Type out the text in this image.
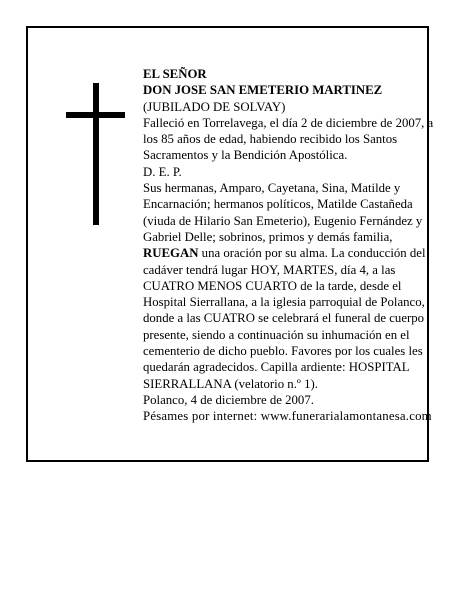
EL SEÑOR

DON JOSE SAN EMETERIO MARTINEZ

(JUBILADO DE SOLVAY)

Falleció en Torrelavega, el día 2 de diciembre de 2007, a los 85 años de edad, habiendo recibido los Santos Sacramentos y la Bendición Apostólica.

D. E. P.

Sus hermanas, Amparo, Cayetana, Sina, Matilde y Encarnación; hermanos políticos, Matilde Castañeda (viuda de Hilario San Emeterio), Eugenio Fernández y Gabriel Delle; sobrinos, primos y demás familia,

RUEGAN una oración por su alma. La conducción del cadáver tendrá lugar HOY, MARTES, día 4, a las CUATRO MENOS CUARTO de la tarde, desde el Hospital Sierrallana, a la iglesia parroquial de Polanco, donde a las CUATRO se celebrará el funeral de cuerpo presente, siendo a continuación su inhumación en el cementerio de dicho pueblo. Favores por los cuales les quedarán agradecidos. Capilla ardiente: HOSPITAL SIERRALLANA (velatorio n.º 1).

Polanco, 4 de diciembre de 2007.

Pésames por internet: www.funerarialamontanesa.com
